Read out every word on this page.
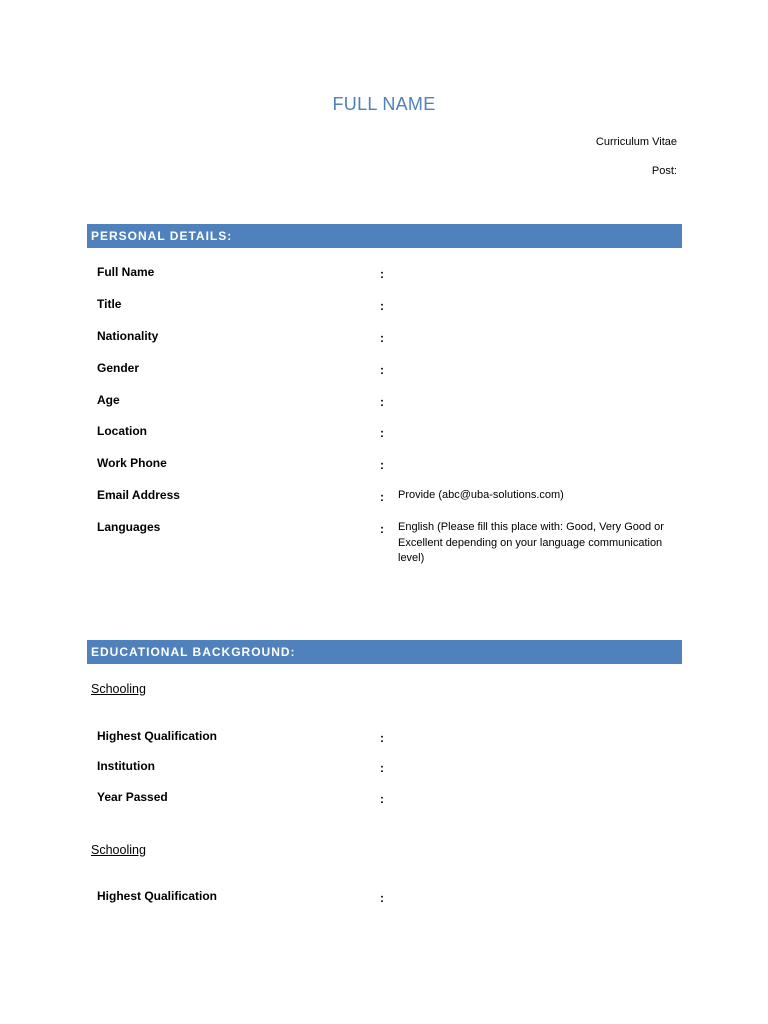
FULL NAME
Curriculum Vitae
Post:
PERSONAL DETAILS:
Full Name	:
Title	:
Nationality	:
Gender	:
Age	:
Location	:
Work Phone	:
Email Address	: Provide (abc@uba-solutions.com)
Languages	: English (Please fill this place with: Good, Very Good or Excellent depending on your language communication level)
EDUCATIONAL BACKGROUND:
Schooling
Highest Qualification	:
Institution	:
Year Passed	:
Schooling
Highest Qualification	:
